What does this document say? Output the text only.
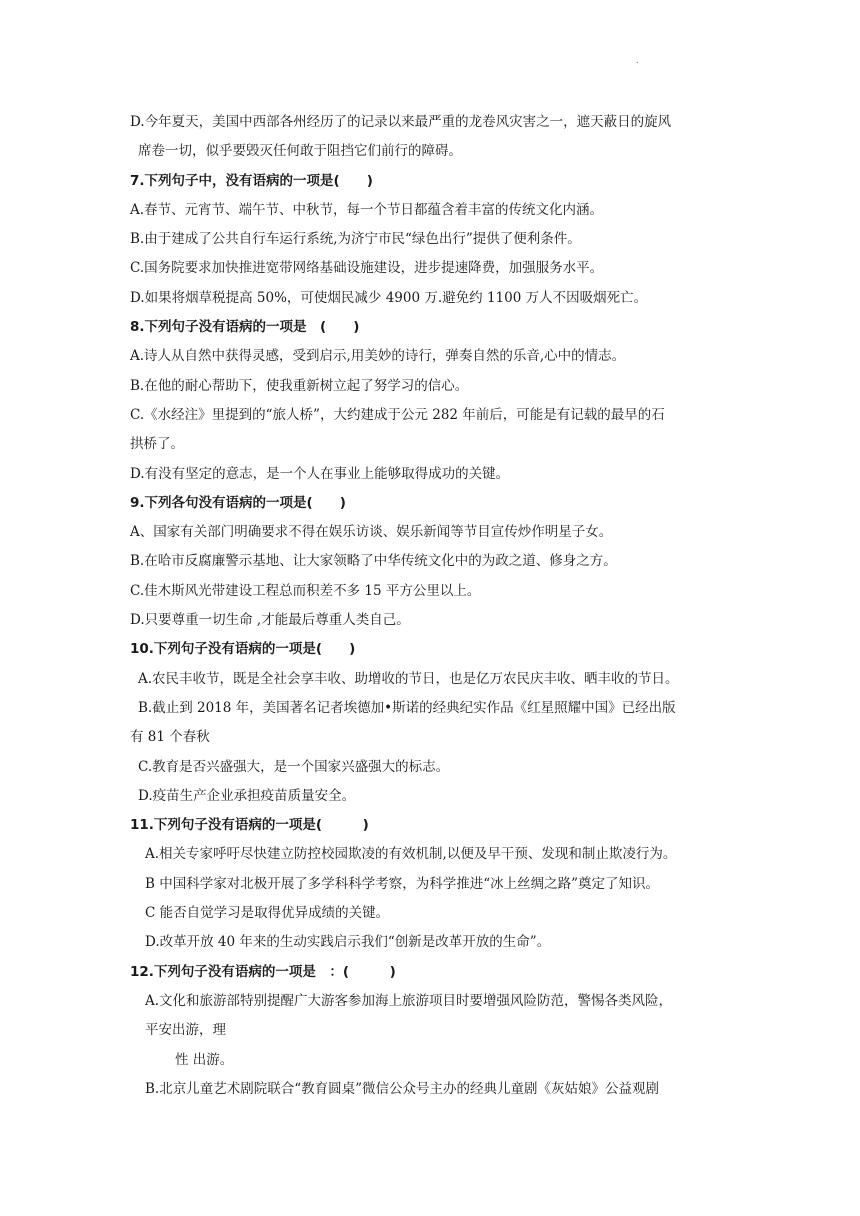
.
D.今年夏天，美国中西部各州经历了的记录以来最严重的龙卷风灾害之一，遮天蔽日的旋风
席卷一切，似乎要毁灭任何敢于阻挡它们前行的障碍。
7.下列句子中，没有语病的一项是(　　)
A.春节、元宵节、端午节、中秋节，每一个节日都蕴含着丰富的传统文化内涵。
B.由于建成了公共自行车运行系统,为济宁市民“绿色出行”提供了便利条件。
C.国务院要求加快推进宽带网络基础设施建设，进步提速降费，加强服务水平。
D.如果将烟草税提高 50%，可使烟民减少 4900 万.避免约 1100 万人不因吸烟死亡。
8.下列句子没有语病的一项是　(　　)
A.诗人从自然中获得灵感，受到启示,用美妙的诗行，弹奏自然的乐音,心中的情志。
B.在他的耐心帮助下，使我重新树立起了努学习的信心。
C.《水经注》里提到的“旅人桥”，大约建成于公元 282 年前后，可能是有记载的最早的石
拱桥了。
D.有没有坚定的意志，是一个人在事业上能够取得成功的关键。
9.下列各句没有语病的一项是(　　)
A、国家有关部门明确要求不得在娱乐访谈、娱乐新闻等节目宣传炒作明星子女。
B.在哈市反腐廉警示基地、让大家领略了中华传统文化中的为政之道、修身之方。
C.佳木斯风光带建设工程总而积差不多 15 平方公里以上。
D.只要尊重一切生命 ,才能最后尊重人类自己。
10.下列句子没有语病的一项是(　　)
A.农民丰收节，既是全社会享丰收、助增收的节日，也是亿万农民庆丰收、晒丰收的节日。
B.截止到 2018 年，美国著名记者埃德加•斯诺的经典纪实作品《红星照耀中国》已经出版
有 81 个春秋
C.教育是否兴盛强大，是一个国家兴盛强大的标志。
D.疫苗生产企业承担疫苗质量安全。
11.下列句子没有语病的一项是(　　　)
A.相关专家呼吁尽快建立防控校园欺凌的有效机制,以便及早干预、发现和制止欺凌行为。
B 中国科学家对北极开展了多学科科学考察，为科学推进“冰上丝绸之路”奠定了知识。
C 能否自觉学习是取得优异成绩的关键。
D.改革开放 40 年来的生动实践启示我们“创新是改革开放的生命”。
12.下列句子没有语病的一项是　：(　　　)
A.文化和旅游部特别提醒广大游客参加海上旅游项目时要增强风险防范，警惕各类风险，
平安出游，理
性 出游。
B.北京儿童艺术剧院联合“教育圆桌”微信公众号主办的经典儿童剧《灰姑娘》公益观剧
